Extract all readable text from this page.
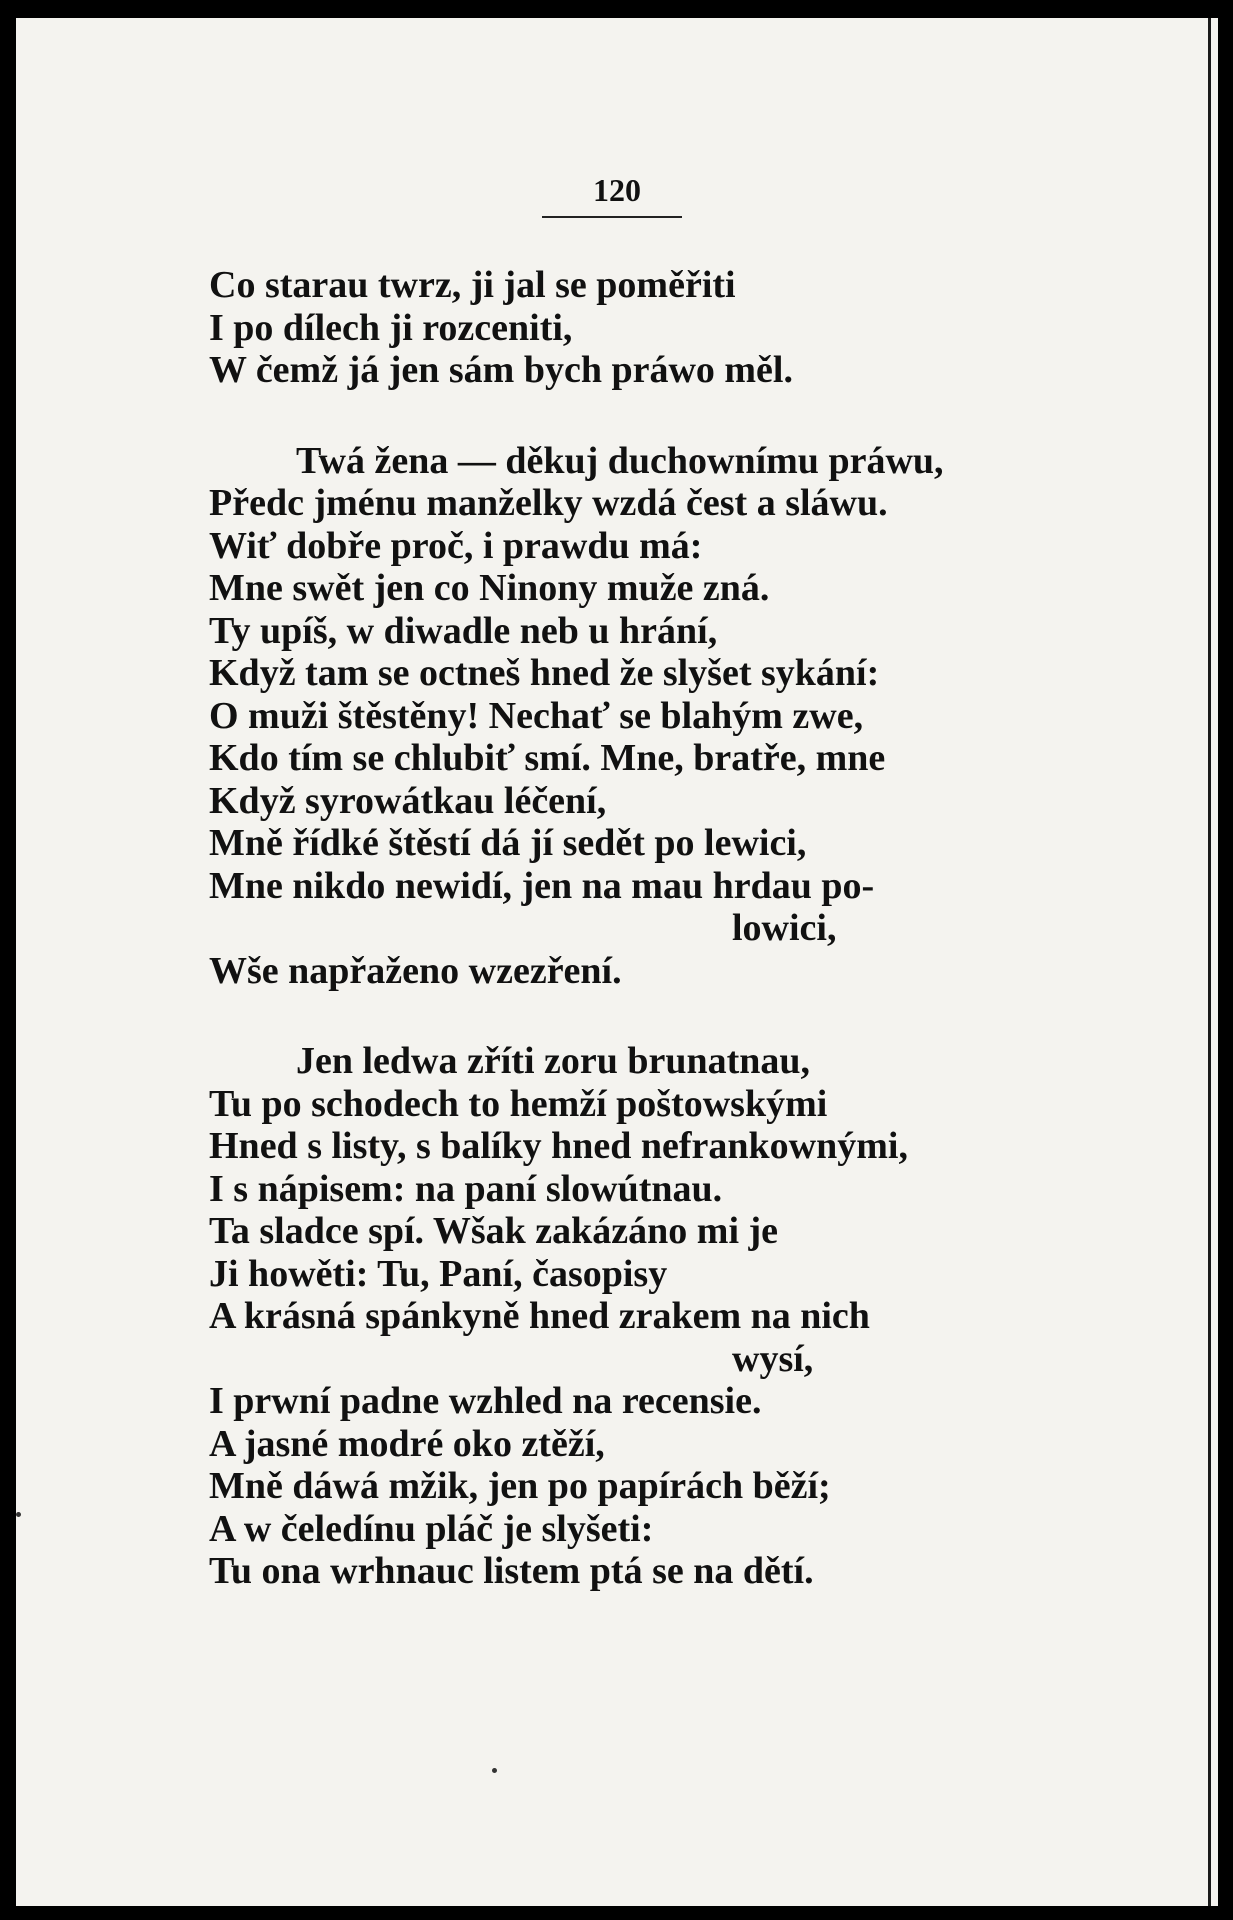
120
Co starau twrz, ji jal se poměřiti
I po dílech ji rozceniti,
W čemž já jen sám bych práwo měl.
Twá žena — děkuj duchownímu práwu,
Předc jménu manželky wzdá čest a sláwu.
Wiť dobře proč, i prawdu má:
Mne swět jen co Ninony muže zná.
Ty upíš, w diwadle neb u hrání,
Když tam se octneš hned že slyšet sykání:
O muži štěstěny! Nechať se blahým zwe,
Kdo tím se chlubiť smí. Mne, bratře, mne
Když syrowátkau léčení,
Mně řídké štěstí dá jí sedět po lewici,
Mne nikdo newidí, jen na mau hrdau po-
lowici,
Wše napřaženo wzezření.
Jen ledwa zříti zoru brunatnau,
Tu po schodech to hemží poštowskými
Hned s listy, s balíky hned nefrankownými,
I s nápisem: na paní slowútnau.
Ta sladce spí. Wšak zakázáno mi je
Ji howěti: Tu, Paní, časopisy
A krásná spánkyně hned zrakem na nich
wysí,
I prwní padne wzhled na recensie.
A jasné modré oko ztěží,
Mně dáwá mžik, jen po papírách běží;
A w čeledínu pláč je slyšeti:
Tu ona wrhnauc listem ptá se na dětí.
